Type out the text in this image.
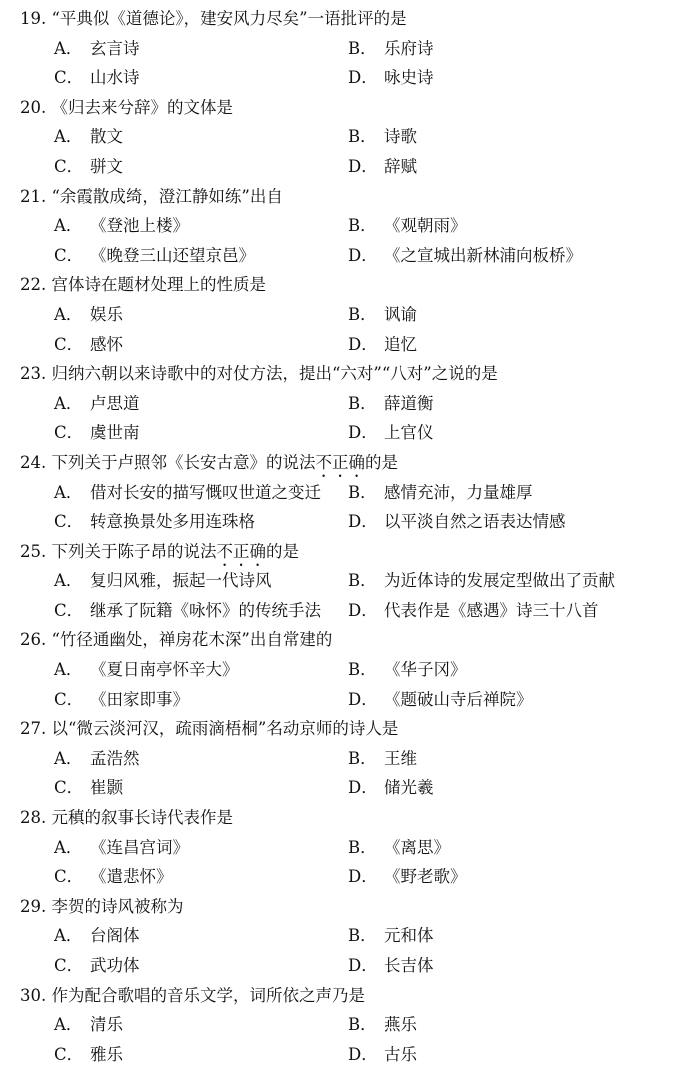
19. “平典似《道德论》，建安风力尽矣”一语批评的是
A． 玄言诗	B． 乐府诗
C． 山水诗	D． 咏史诗
20. 《归去来兮辞》的文体是
A． 散文	B． 诗歌
C． 骈文	D． 辞赋
21. “余霞散成绮，澄江静如练”出自
A． 《登池上楼》	B． 《观朝雨》
C． 《晚登三山还望京邑》	D． 《之宣城出新林浦向板桥》
22. 宫体诗在题材处理上的性质是
A． 娱乐	B． 讽谕
C． 感怀	D． 追忆
23. 归纳六朝以来诗歌中的对仗方法，提出“六对”“八对”之说的是
A． 卢思道	B． 薛道衡
C． 虞世南	D． 上官仪
24. 下列关于卢照邻《长安古意》的说法不正确的是
A． 借对长安的描写慨叹世道之变迁 B． 感情充沛，力量雄厚
C． 转意换景处多用连珠格	D． 以平淡自然之语表达情感
25. 下列关于陈子昂的说法不正确的是
A． 复归风雅，振起一代诗风	B． 为近体诗的发展定型做出了贡献
C． 继承了阮籍《咏怀》的传统手法 D． 代表作是《感遇》诗三十八首
26. “竹径通幽处，禅房花木深”出自常建的
A． 《夏日南亭怀辛大》	B． 《华子冈》
C． 《田家即事》	D． 《题破山寺后禅院》
27. 以“微云淡河汉，疏雨滴梧桐”名动京师的诗人是
A． 孟浩然	B． 王维
C． 崔颢	D． 储光羲
28. 元稹的叙事长诗代表作是
A． 《连昌宫词》	B． 《离思》
C． 《遣悲怀》	D． 《野老歌》
29. 李贺的诗风被称为
A． 台阁体	B． 元和体
C． 武功体	D． 长吉体
30. 作为配合歌唱的音乐文学，词所依之声乃是
A． 清乐	B． 燕乐
C． 雅乐	D． 古乐
